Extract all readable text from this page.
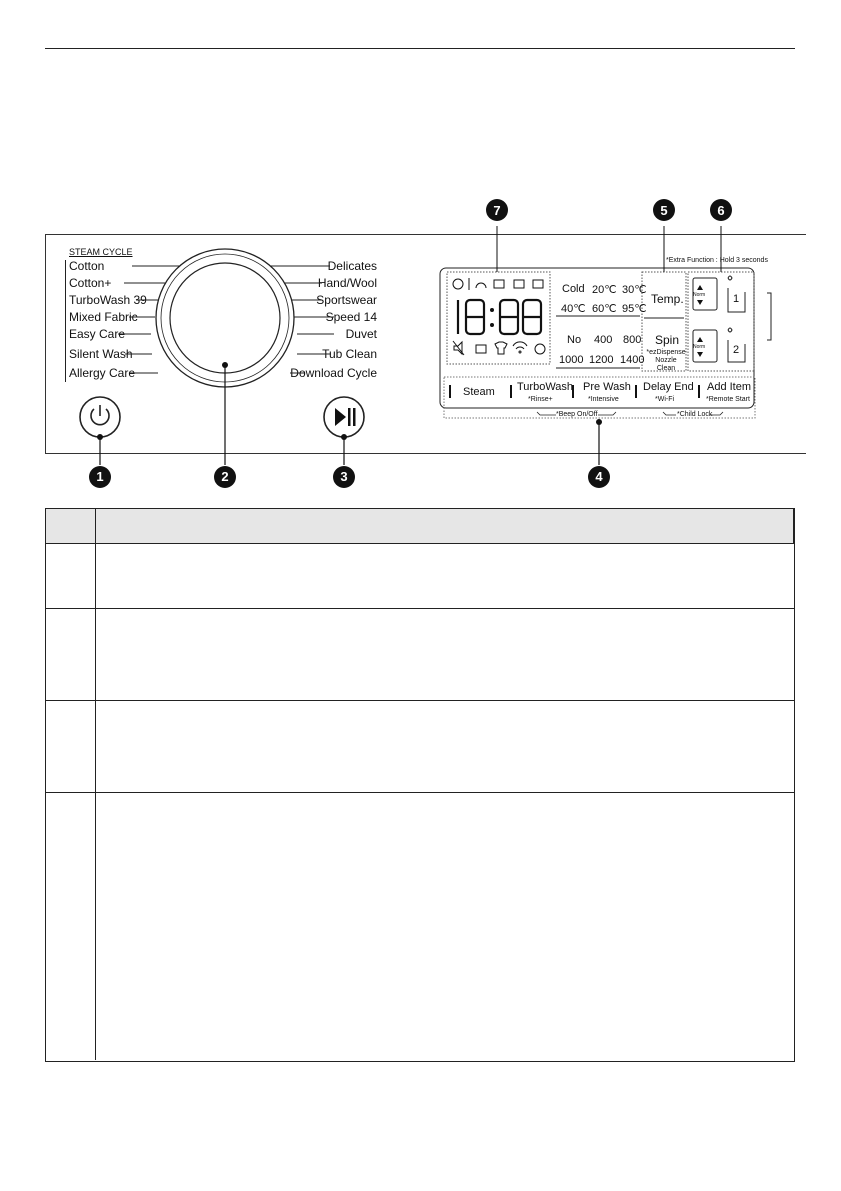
7	5	6
STEAM CYCLE
Cotton
Cotton+
TurboWash 39
Mixed Fabric
Easy Care
Silent Wash
Allergy Care
Delicates
Hand/Wool
Sportswear
Speed 14
Duvet
Tub Clean
Download Cycle
1	2	3	4
*Extra Function : Hold 3 seconds
Cold 20℃ 30℃
40℃ 60℃ 95℃
No 400 800
1000 1200 1400
Temp.
Spin
*ezDispense Nozzle Clean
Norm
Norm
1
2
Steam TurboWash
*Rinse+
Pre Wash
*Intensive
Delay End
*Wi-Fi
Add Item
*Remote Start
*Beep On/Off	*Child Lock
